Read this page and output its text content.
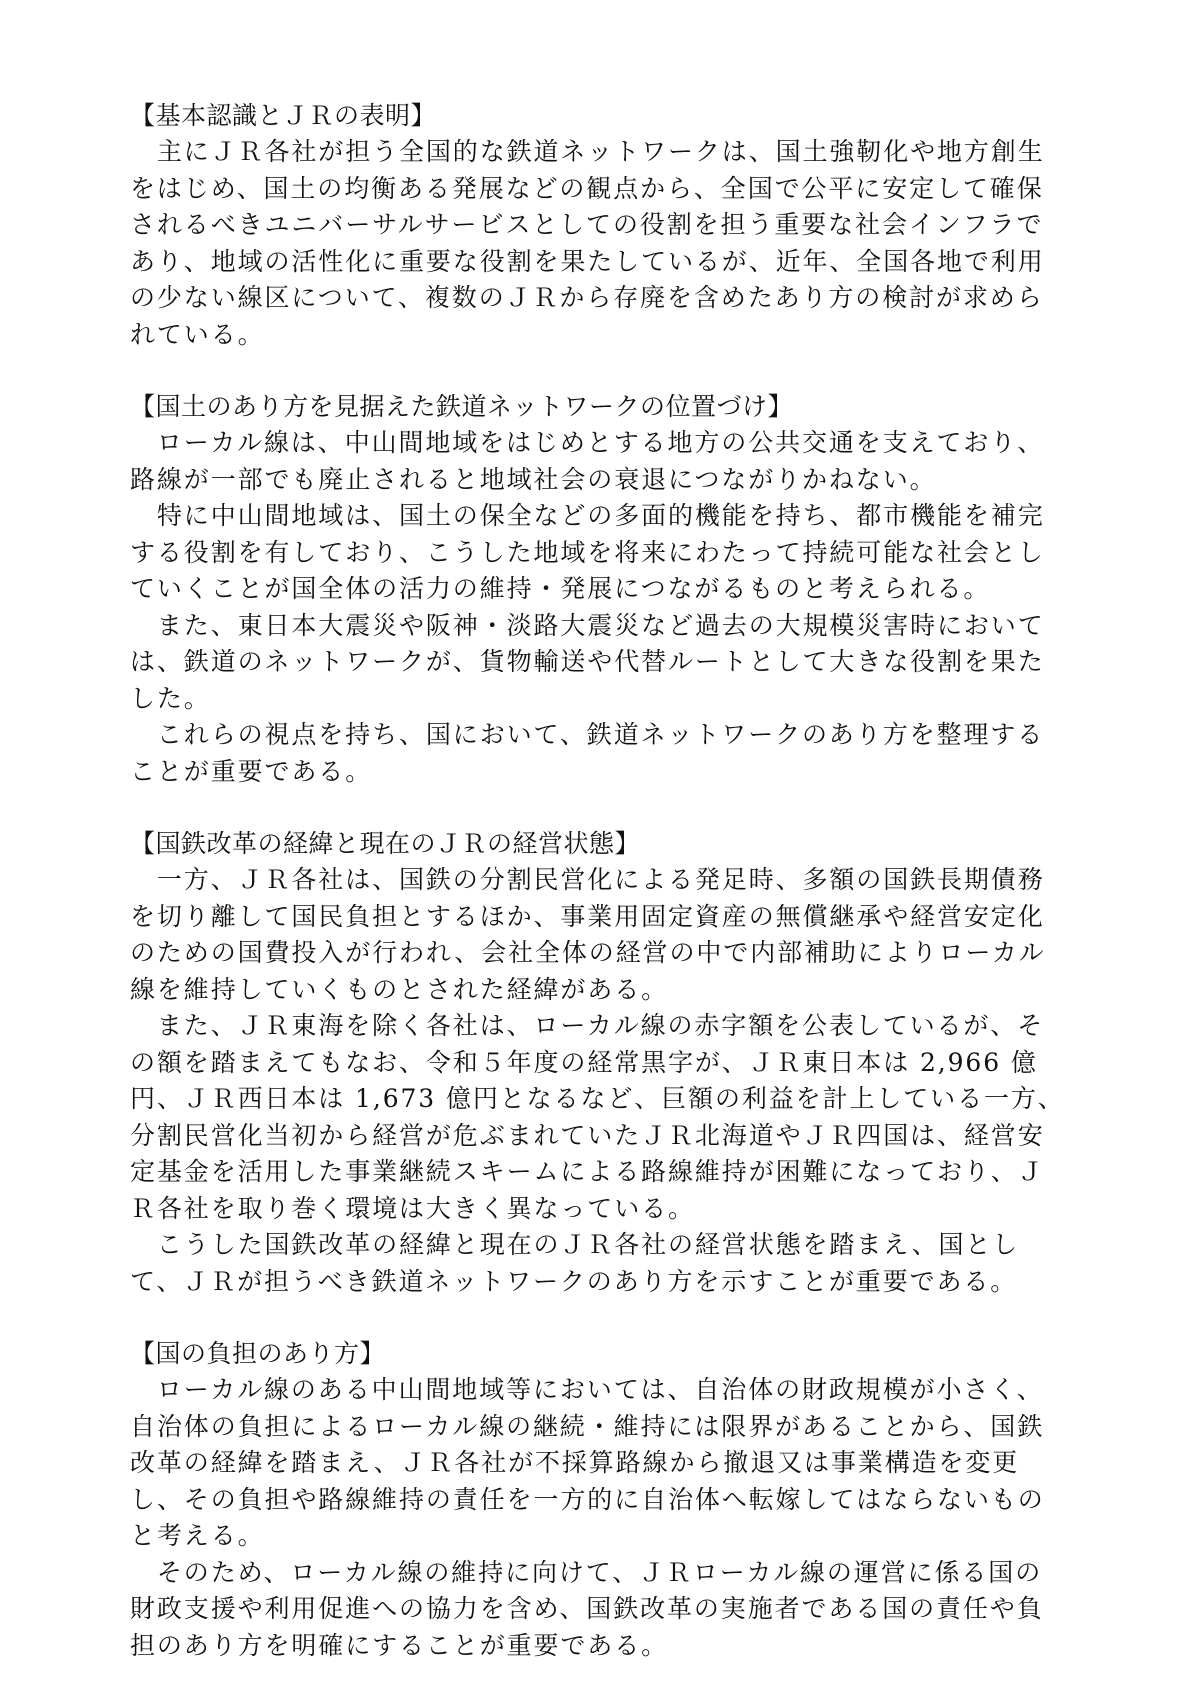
【基本認識とＪＲの表明】

　主にＪＲ各社が担う全国的な鉄道ネットワークは、国土強靭化や地方創生
をはじめ、国土の均衡ある発展などの観点から、全国で公平に安定して確保
されるべきユニバーサルサービスとしての役割を担う重要な社会インフラで
あり、地域の活性化に重要な役割を果たしているが、近年、全国各地で利用
の少ない線区について、複数のＪＲから存廃を含めたあり方の検討が求めら
れている。

【国土のあり方を見据えた鉄道ネットワークの位置づけ】

　ローカル線は、中山間地域をはじめとする地方の公共交通を支えており、
路線が一部でも廃止されると地域社会の衰退につながりかねない。

　特に中山間地域は、国土の保全などの多面的機能を持ち、都市機能を補完
する役割を有しており、こうした地域を将来にわたって持続可能な社会とし
ていくことが国全体の活力の維持・発展につながるものと考えられる。

　また、東日本大震災や阪神・淡路大震災など過去の大規模災害時において
は、鉄道のネットワークが、貨物輸送や代替ルートとして大きな役割を果た
した。

　これらの視点を持ち、国において、鉄道ネットワークのあり方を整理する
ことが重要である。

【国鉄改革の経緯と現在のＪＲの経営状態】

　一方、ＪＲ各社は、国鉄の分割民営化による発足時、多額の国鉄長期債務
を切り離して国民負担とするほか、事業用固定資産の無償継承や経営安定化
のための国費投入が行われ、会社全体の経営の中で内部補助によりローカル
線を維持していくものとされた経緯がある。

　また、ＪＲ東海を除く各社は、ローカル線の赤字額を公表しているが、そ
の額を踏まえてもなお、令和５年度の経常黒字が、ＪＲ東日本は 2,966 億
円、ＪＲ西日本は 1,673 億円となるなど、巨額の利益を計上している一方、
分割民営化当初から経営が危ぶまれていたＪＲ北海道やＪＲ四国は、経営安
定基金を活用した事業継続スキームによる路線維持が困難になっており、Ｊ
Ｒ各社を取り巻く環境は大きく異なっている。

　こうした国鉄改革の経緯と現在のＪＲ各社の経営状態を踏まえ、国とし
て、ＪＲが担うべき鉄道ネットワークのあり方を示すことが重要である。

【国の負担のあり方】

　ローカル線のある中山間地域等においては、自治体の財政規模が小さく、
自治体の負担によるローカル線の継続・維持には限界があることから、国鉄
改革の経緯を踏まえ、ＪＲ各社が不採算路線から撤退又は事業構造を変更
し、その負担や路線維持の責任を一方的に自治体へ転嫁してはならないもの
と考える。

　そのため、ローカル線の維持に向けて、ＪＲローカル線の運営に係る国の
財政支援や利用促進への協力を含め、国鉄改革の実施者である国の責任や負
担のあり方を明確にすることが重要である。
